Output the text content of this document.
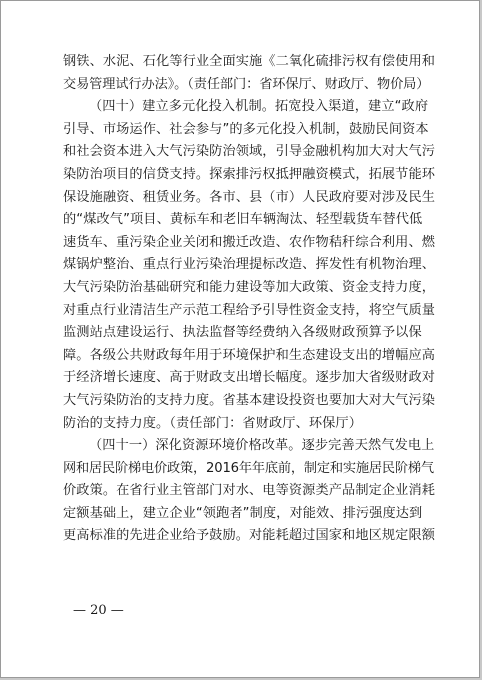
钢铁、水泥、石化等行业全面实施《二氧化硫排污权有偿使用和
交易管理试行办法》。（责任部门：省环保厅、财政厅、物价局）
（四十）建立多元化投入机制。拓宽投入渠道，建立“政府
引导、市场运作、社会参与”的多元化投入机制，鼓励民间资本
和社会资本进入大气污染防治领域，引导金融机构加大对大气污
染防治项目的信贷支持。探索排污权抵押融资模式，拓展节能环
保设施融资、租赁业务。各市、县（市）人民政府要对涉及民生
的“煤改气”项目、黄标车和老旧车辆淘汰、轻型载货车替代低
速货车、重污染企业关闭和搬迁改造、农作物秸秆综合利用、燃
煤锅炉整治、重点行业污染治理提标改造、挥发性有机物治理、
大气污染防治基础研究和能力建设等加大政策、资金支持力度，
对重点行业清洁生产示范工程给予引导性资金支持，将空气质量
监测站点建设运行、执法监督等经费纳入各级财政预算予以保
障。各级公共财政每年用于环境保护和生态建设支出的增幅应高
于经济增长速度、高于财政支出增长幅度。逐步加大省级财政对
大气污染防治的支持力度。省基本建设投资也要加大对大气污染
防治的支持力度。（责任部门：省财政厅、环保厅）
（四十一）深化资源环境价格改革。逐步完善天然气发电上
网和居民阶梯电价政策，2016年年底前，制定和实施居民阶梯气
价政策。在省行业主管部门对水、电等资源类产品制定企业消耗
定额基础上，建立企业“领跑者”制度，对能效、排污强度达到
更高标准的先进企业给予鼓励。对能耗超过国家和地区规定限额
— 20 —
